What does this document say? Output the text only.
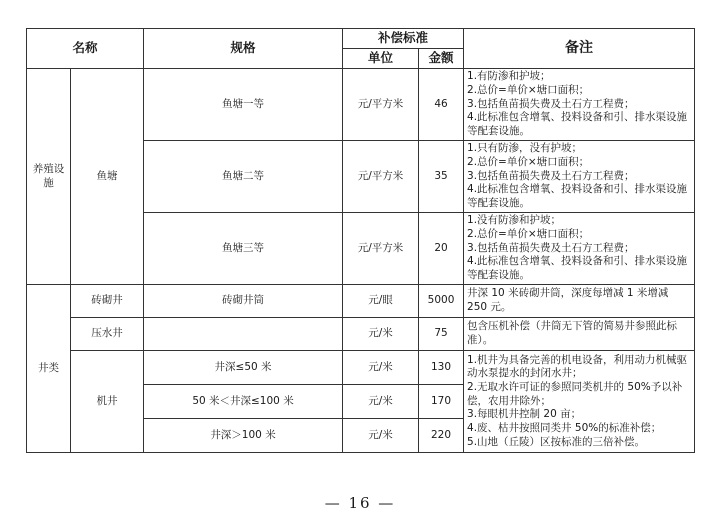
名称		规格	补偿标准		备注
			单位	金额	
养殖设施	鱼塘	鱼塘一等	元/平方米	46	1.有防渗和护坡；
2.总价=单价×塘口面积；
3.包括鱼苗损失费及土石方工程费；
4.此标准包含增氧、投料设备和引、排水渠设施等配套设施。

		鱼塘二等	元/平方米	35	1.只有防渗，没有护坡；
2.总价=单价×塘口面积；
3.包括鱼苗损失费及土石方工程费；
4.此标准包含增氧、投料设备和引、排水渠设施等配套设施。

		鱼塘三等	元/平方米	20	1.没有防渗和护坡；
2.总价=单价×塘口面积；
3.包括鱼苗损失费及土石方工程费；
4.此标准包含增氧、投料设备和引、排水渠设施等配套设施。

井类	砖砌井	砖砌井筒	元/眼	5000	井深 10 米砖砌井筒，深度每增减 1 米增减 250 元。
	压水井		元/米	75	包含压机补偿（井筒无下管的简易井参照此标准）。
	机井	井深≤50 米	元/米	130	1.机井为具备完善的机电设备，利用动力机械驱动水泵提水的封闭水井；
2.无取水许可证的参照同类机井的 50%予以补偿，农用井除外；
3.每眼机井控制 20 亩；
4.废、枯井按照同类井 50%的标准补偿；
5.山地（丘陵）区按标准的三倍补偿。

		50 米＜井深≤100 米	元/米	170	
		井深＞100 米	元/米	220	
— 16 —
